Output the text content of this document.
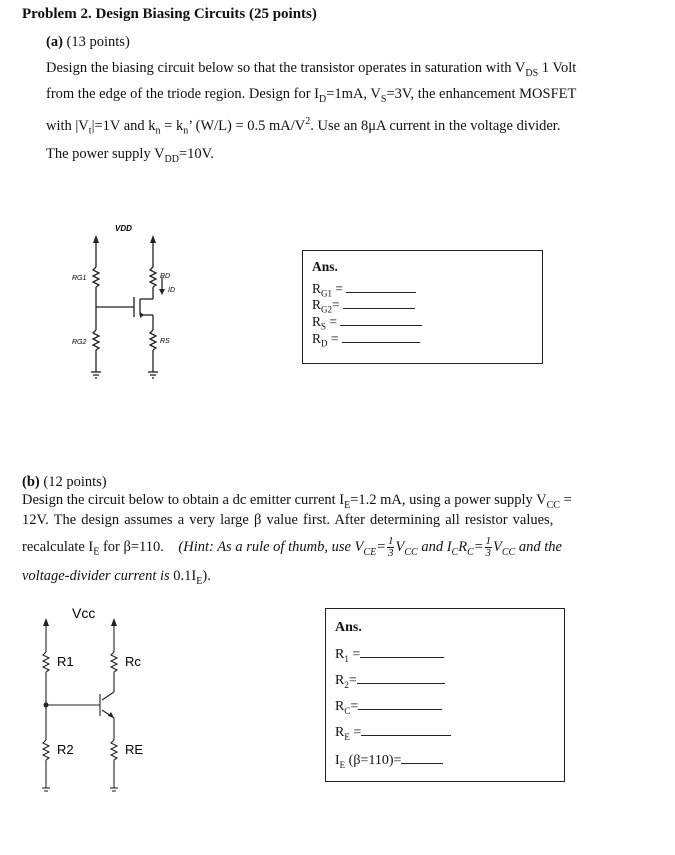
Problem 2. Design Biasing Circuits (25 points)
(a) (13 points)
Design the biasing circuit below so that the transistor operates in saturation with $V_{DS}$ 1 Volt
from the edge of the triode region. Design for $I_D=1mA$, $V_S=3V$, the enhancement MOSFET
with $|V_t|=1V$ and $k_n = k_n$’ (W/L) = 0.5 $mA/V^2$. Use an 8μA current in the voltage divider.
The power supply $V_{DD}=10V$.
VDD
RG1
RG2
RD
ID
RS
Ans.
$R_{G1}$ =
$R_{G2}=$
$R_S$ =
$R_D$ =
(b) (12 points)
Design the circuit below to obtain a dc emitter current $I_E=1.2$ mA, using a power supply $V_{CC}$ =
12V. The design assumes a very large β value first. After determining all resistor values,
recalculate $I_E$ for β=110. (Hint: As a rule of thumb, use $V_{CE}= \frac{1}{3} V_{CC}$ and $I_CR_C= \frac{1}{3} V_{CC}$ and the
voltage-divider current is $0.1I_E$).
Vcc
R1	Rc
R2	RE
Ans.
$R_1$ =
$R_2=$
$R_C=$
$R_E$ =
$I_E$ (β=110)=
